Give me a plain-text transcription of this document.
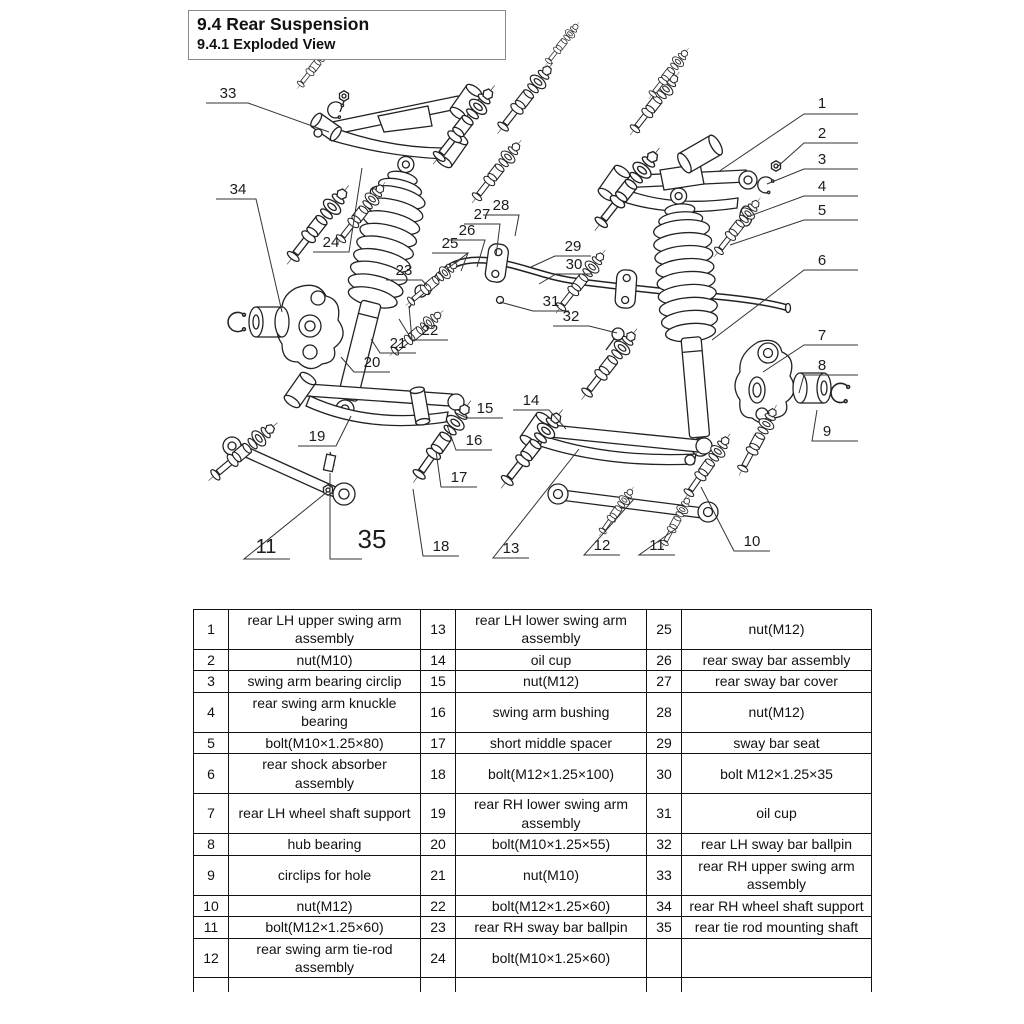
9.4 Rear Suspension
9.4.1 Exploded View
1
2
3
4
5
6
7
8
9
10
11
12
13
18
11	35
14
15
16
17
19
20
21
22
23
24	25
26
27
28
29
30
31
32
33
34
1	rear LH upper swing arm assembly	13	rear LH lower swing arm assembly	25	nut(M12)
2	nut(M10)	14	oil cup	26	rear sway bar assembly
3	swing arm bearing circlip	15	nut(M12)	27	rear sway bar cover
4	rear swing arm knuckle bearing	16	swing arm bushing	28	nut(M12)
5	bolt(M10×1.25×80)	17	short middle spacer	29	sway bar seat
6	rear shock absorber assembly	18	bolt(M12×1.25×100)	30	bolt M12×1.25×35
7	rear LH wheel shaft support	19	rear RH lower swing arm assembly	31	oil cup
8	hub bearing	20	bolt(M10×1.25×55)	32	rear LH sway bar ballpin
9	circlips for hole	21	nut(M10)	33	rear RH upper swing arm assembly
10	nut(M12)	22	bolt(M12×1.25×60)	34	rear RH wheel shaft support
11	bolt(M12×1.25×60)	23	rear RH sway bar ballpin	35	rear tie rod mounting shaft
12	rear swing arm tie-rod assembly	24	bolt(M10×1.25×60)		
